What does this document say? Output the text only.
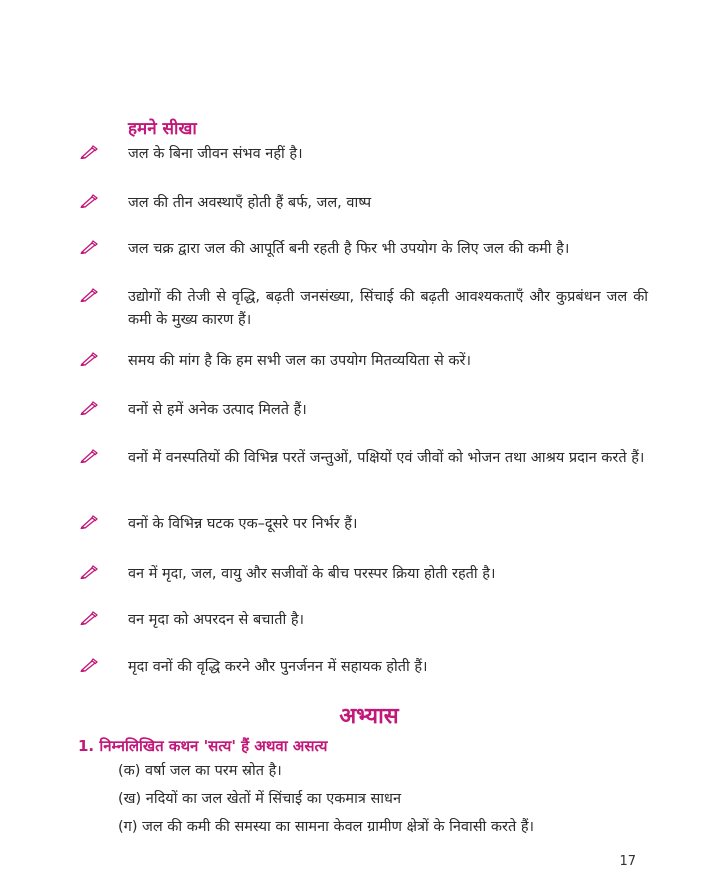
हमने सीखा
जल के बिना जीवन संभव नहीं है।
जल की तीन अवस्थाएँ होती हैं बर्फ, जल, वाष्प
जल चक्र द्वारा जल की आपूर्ति बनी रहती है फिर भी उपयोग के लिए जल की कमी है।
उद्योगों की तेजी से वृद्धि, बढ़ती जनसंख्या, सिंचाई की बढ़ती आवश्यकताएँ और कुप्रबंधन जल की कमी के मुख्य कारण हैं।
समय की मांग है कि हम सभी जल का उपयोग मितव्ययिता से करें।
वनों से हमें अनेक उत्पाद मिलते हैं।
वनों में वनस्पतियों की विभिन्न परतें जन्तुओं, पक्षियों एवं जीवों को भोजन तथा आश्रय प्रदान करते हैं।
वनों के विभिन्न घटक एक–दूसरे पर निर्भर हैं।
वन में मृदा, जल, वायु और सजीवों के बीच परस्पर क्रिया होती रहती है।
वन मृदा को अपरदन से बचाती है।
मृदा वनों की वृद्धि करने और पुनर्जनन में सहायक होती हैं।
अभ्यास

1. निम्नलिखित कथन 'सत्य' हैं अथवा असत्य

(क) वर्षा जल का परम स्रोत है।
(ख) नदियों का जल खेतों में सिंचाई का एकमात्र साधन
(ग) जल की कमी की समस्या का सामना केवल ग्रामीण क्षेत्रों के निवासी करते हैं।
17
